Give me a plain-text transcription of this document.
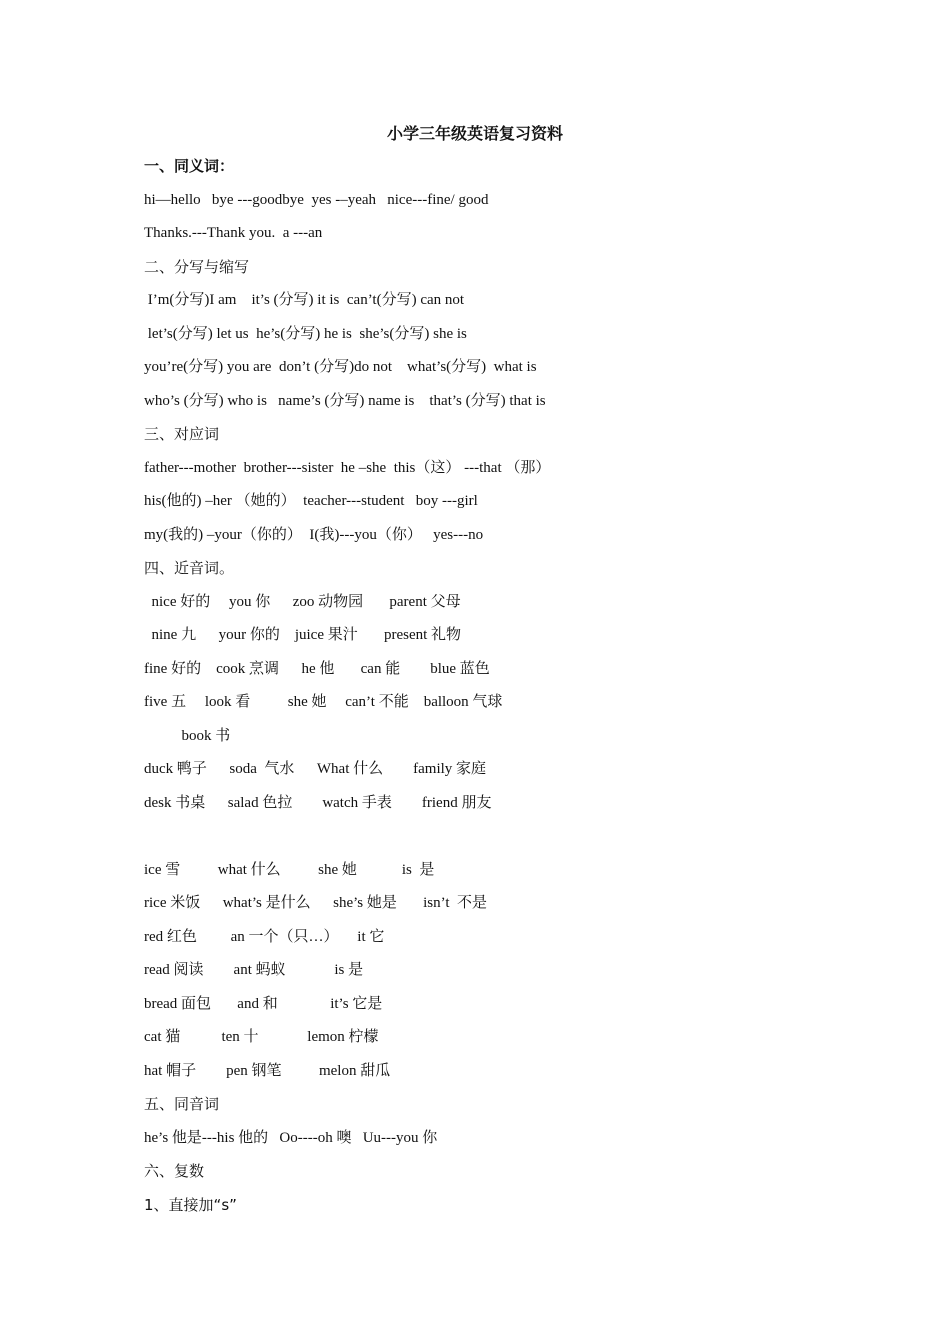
小学三年级英语复习资料
一、同义词：
hi—hello   bye ---goodbye  yes -–yeah   nice---fine/ good
Thanks.---Thank you.  a ---an
二、分写与缩写
I’m(分写)I am    it’s (分写) it is  can’t(分写) can not
let’s(分写) let us  he’s(分写) he is  she’s(分写) she is
you’re(分写) you are  don’t (分写)do not    what’s(分写)  what is
who’s (分写) who is   name’s (分写) name is    that’s (分写) that is
三、对应词
father---mother  brother---sister  he –she  this（这） ---that （那）
his(他的) –her （她的）  teacher---student   boy ---girl
my(我的) –your（你的）  I(我)---you（你）   yes---no
四、近音词。
nice 好的     you 你      zoo 动物园       parent 父母
nine 九      your 你的    juice 果汁       present 礼物
fine 好的    cook 烹调      he 他       can 能        blue 蓝色
five 五     look 看          she 她     can’t 不能    balloon 气球
book 书
duck 鸭子      soda  气水      What 什么        family 家庭
desk 书桌      salad 色拉        watch 手表        friend 朋友
ice 雪          what 什么          she 她            is  是
rice 米饭      what’s 是什么      she’s 她是       isn’t  不是
red 红色         an 一个（只…）     it 它
read 阅读        ant 蚂蚁             is 是
bread 面包       and 和              it’s 它是
cat 猫           ten 十             lemon 柠檬
hat 帽子        pen 钢笔          melon 甜瓜
五、同音词
he’s 他是---his 他的   Oo----oh 噢   Uu---you 你
六、复数
1、直接加“s”
